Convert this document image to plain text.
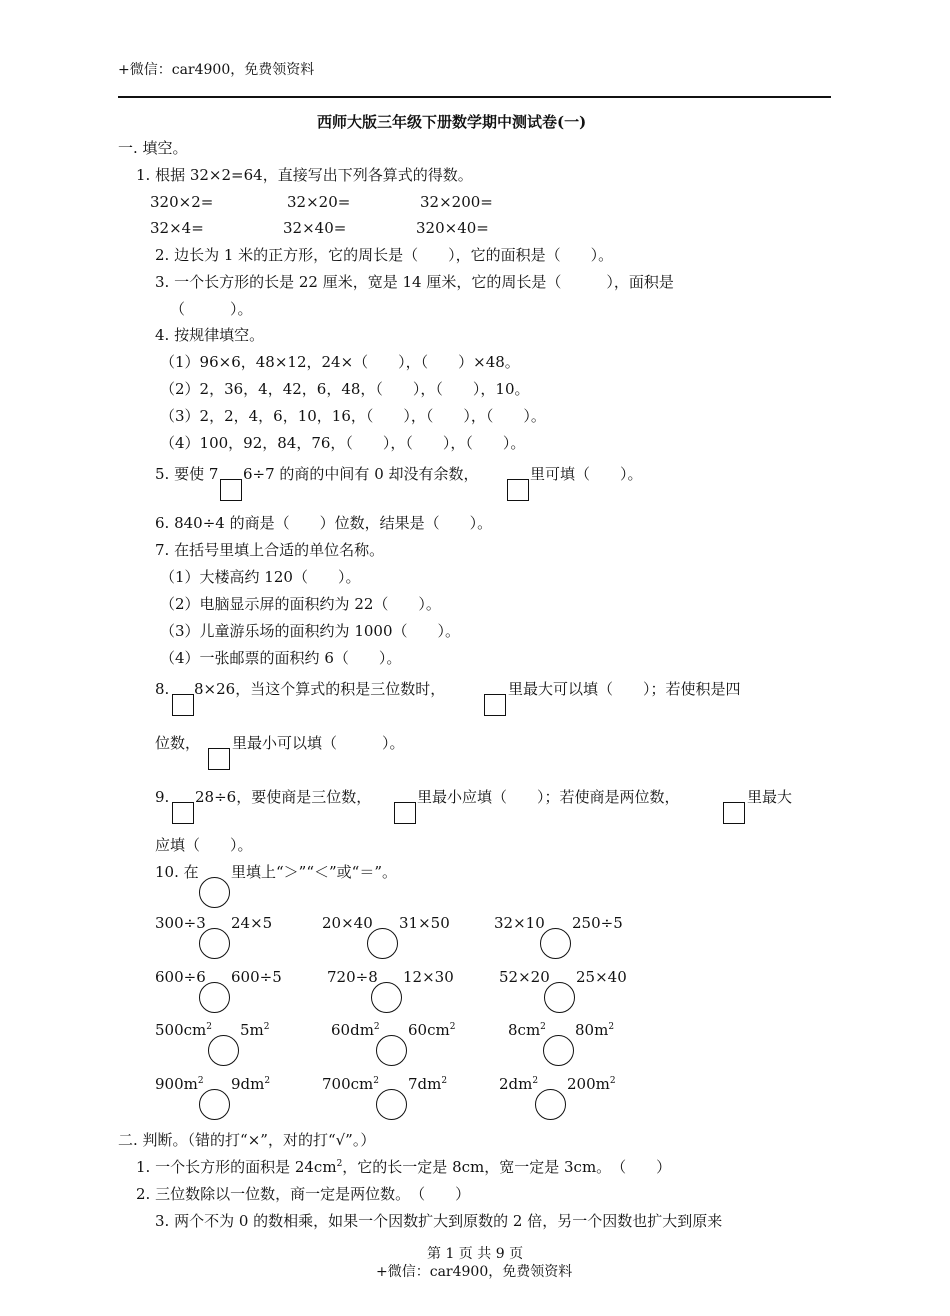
+微信：car4900，免费领资料
西师大版三年级下册数学期中测试卷(一)
一. 填空。
1. 根据 32×2=64，直接写出下列各算式的得数。
320×2=	32×20=	32×200=
32×4=	32×40=	320×40=
2. 边长为 1 米的正方形，它的周长是（　　），它的面积是（　　）。
3. 一个长方形的长是 22 厘米，宽是 14 厘米，它的周长是（　　　），面积是
（　　　）。
4. 按规律填空。
（1）96×6，48×12，24×（　　），（　　）×48。
（2）2，36，4，42，6，48，（　　），（　　），10。
（3）2，2，4，6，10，16，（　　），（　　），（　　）。
（4）100，92，84，76，（　　），（　　），（　　）。
5. 要使 7 6÷7 的商的中间有 0 却没有余数，	里可填（　　）。
6. 840÷4 的商是（　　）位数，结果是（　　）。
7. 在括号里填上合适的单位名称。
（1）大楼高约 120（　　）。
（2）电脑显示屏的面积约为 22（　　）。
（3）儿童游乐场的面积约为 1000（　　）。
（4）一张邮票的面积约 6（　　）。
8. 8×26，当这个算式的积是三位数时，	里最大可以填（　　）；若使积是四
位数， 里最小可以填（　　　）。
9. 28÷6，要使商是三位数，	里最小应填（　　）；若使商是两位数，	里最大
应填（　　）。
10. 在 里填上“＞”“＜”或“＝”。
300÷3 24×5	20×40 31×50	32×10 250÷5
600÷6 600÷5	720÷8 12×30	52×20 25×40
$500cm^2$ $5m^2$	$60dm^2$ $60cm^2$	$8cm^2$ $80m^2$
$900m^2$ $9dm^2$	$700cm^2$ $7dm^2$	$2dm^2$ $200m^2$
二. 判断。（错的打“×”，对的打“√”。）
1. 一个长方形的面积是 $24cm^2$，它的长一定是 8cm，宽一定是 3cm。　（　　）
2. 三位数除以一位数，商一定是两位数。　（　　）
3. 两个不为 0 的数相乘，如果一个因数扩大到原数的 2 倍，另一个因数也扩大到原来
第 1 页 共 9 页
+微信：car4900，免费领资料
